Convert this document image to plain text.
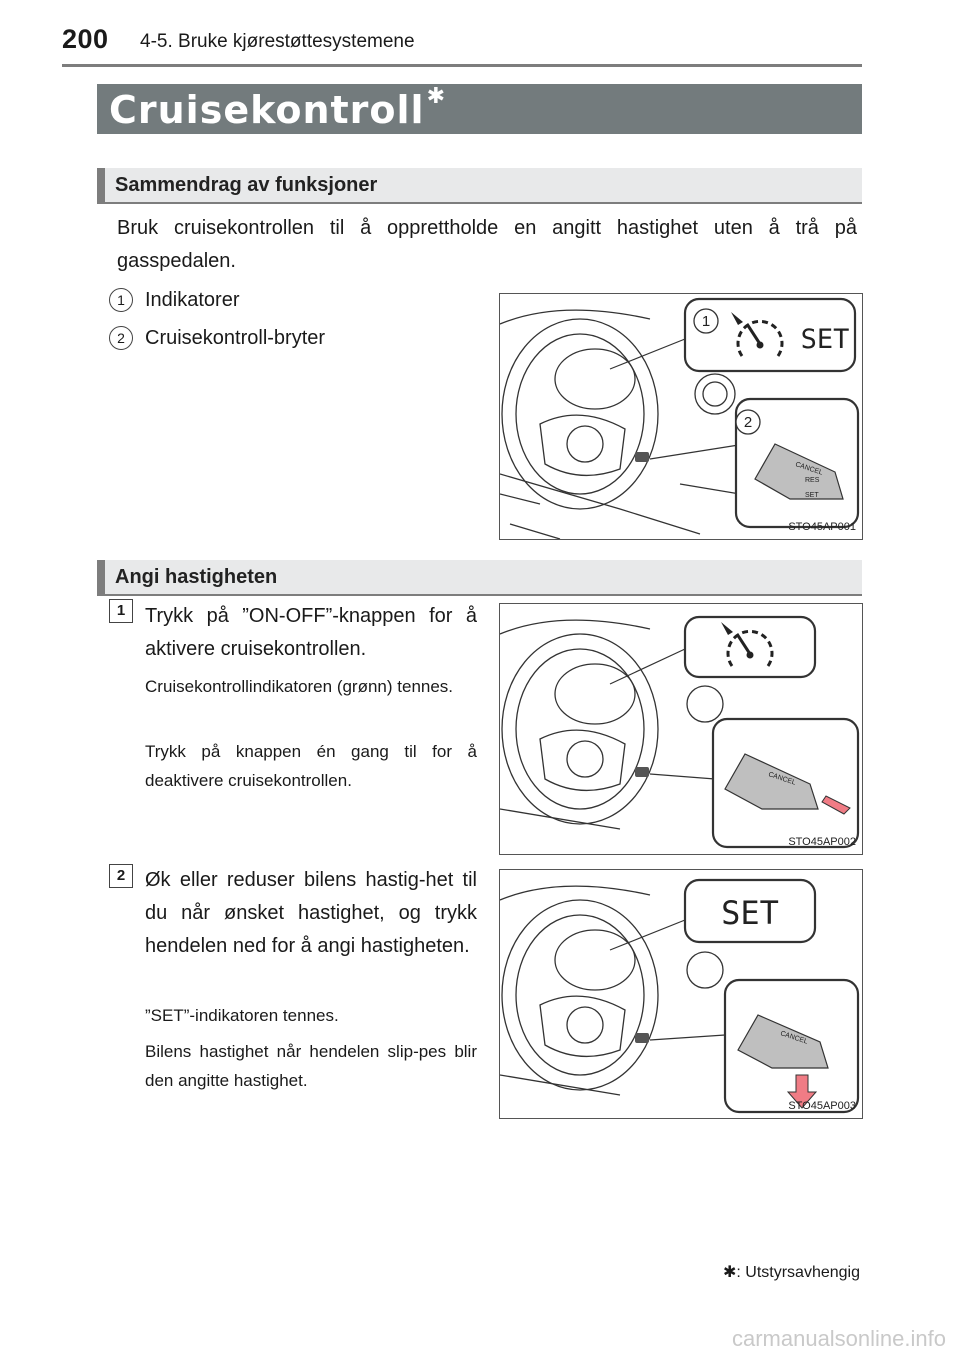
200 4-5. Bruke kjørestøttesystemene
Cruisekontroll✱
Sammendrag av funksjoner
Bruk cruisekontrollen til å opprettholde en angitt hastighet uten å trå på gasspedalen.
1	Indikatorer
2	Cruisekontroll-bryter
1
SET
2
CANCEL
RES
SET
STO45AP001
Angi hastigheten
1 Trykk på ”ON-OFF”-knappen for å aktivere cruisekontrollen.
Cruisekontrollindikatoren (grønn) tennes.
Trykk på knappen én gang til for å deaktivere cruisekontrollen.	CANCEL
STO45AP002
2 Øk eller reduser bilens hastig-het til du når ønsket hastighet, og trykk hendelen ned for å angi hastigheten.
”SET”-indikatoren tennes.
Bilens hastighet når hendelen slip-pes blir den angitte hastighet.
SET
CANCEL
STO45AP003
✱: Utstyrsavhengig
carmanualsonline.info
